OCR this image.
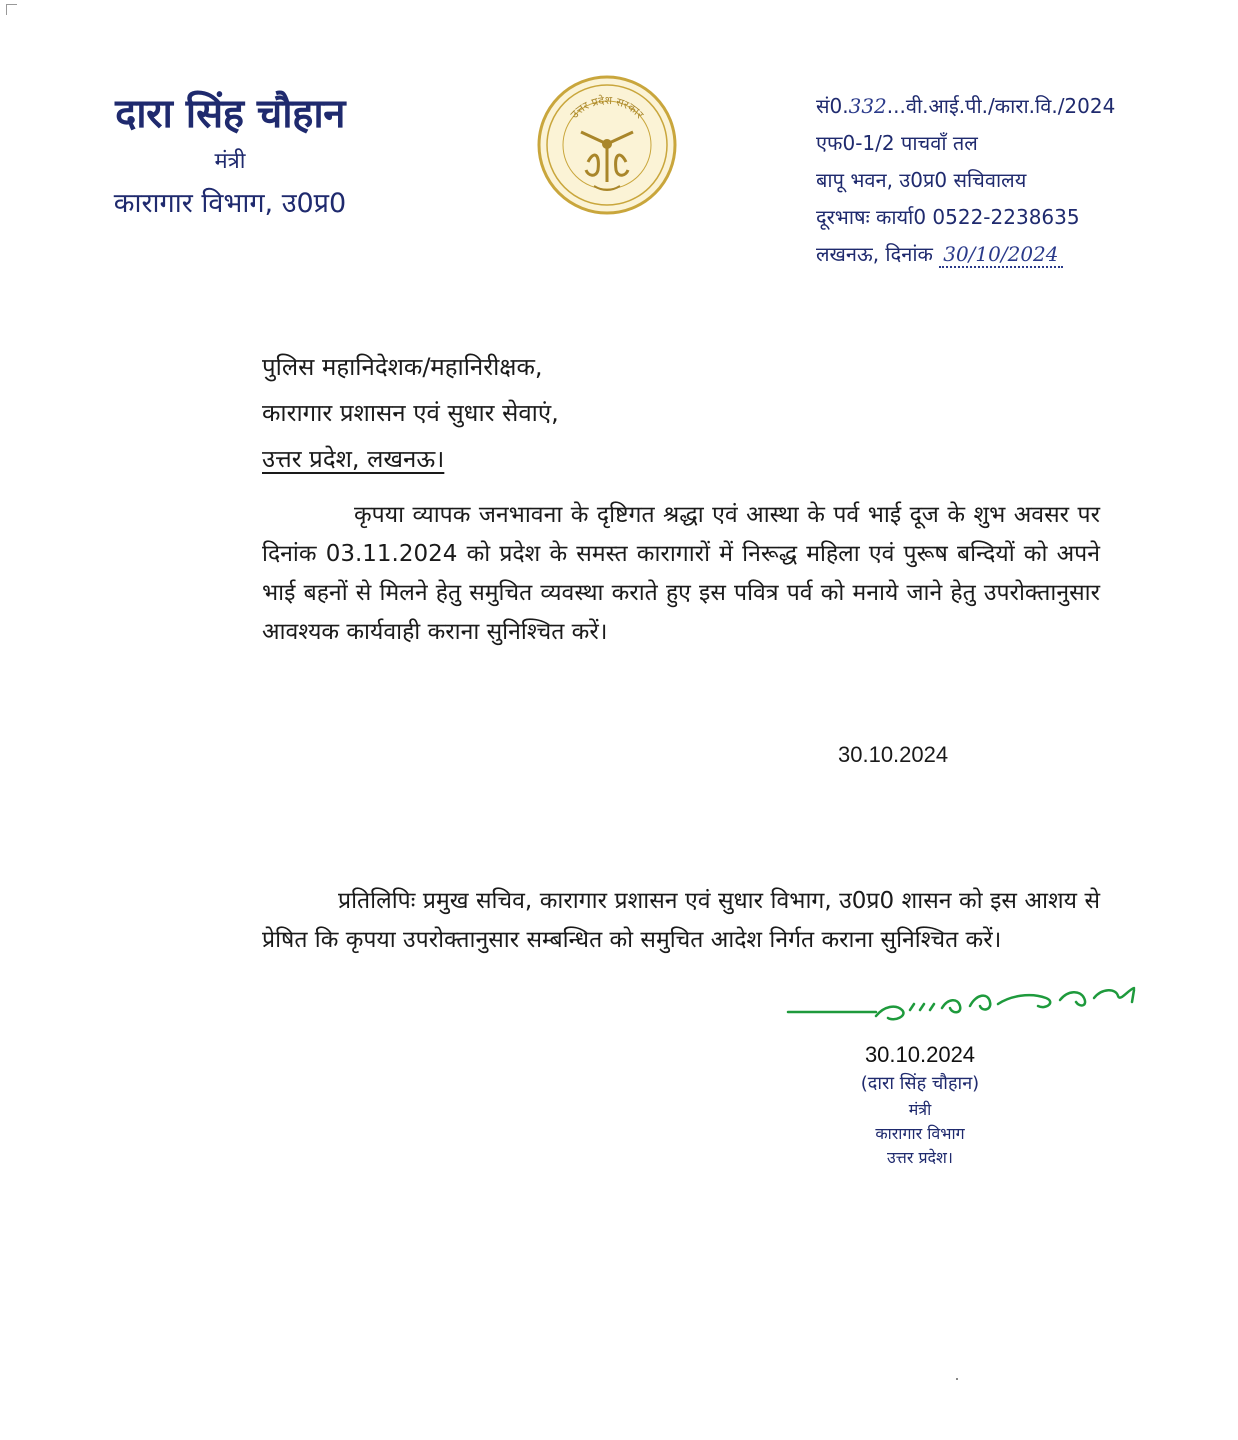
दारा सिंह चौहान
मंत्री
कारागार विभाग, उ0प्र0
उत्तर प्रदेश सरकार	सं0.332...वी.आई.पी./कारा.वि./2024
एफ0-1/2 पाचवाँ तल
बापू भवन, उ0प्र0 सचिवालय
दूरभाषः कार्या0 0522-2238635
लखनऊ, दिनांक 30/10/2024
पुलिस महानिदेशक/महानिरीक्षक,
कारागार प्रशासन एवं सुधार सेवाएं,
उत्तर प्रदेश, लखनऊ।
कृपया व्यापक जनभावना के दृष्टिगत श्रद्धा एवं आस्था के पर्व भाई दूज के शुभ अवसर पर दिनांक 03.11.2024 को प्रदेश के समस्त कारागारों में निरूद्ध महिला एवं पुरूष बन्दियों को अपने भाई बहनों से मिलने हेतु समुचित व्यवस्था कराते हुए इस पवित्र पर्व को मनाये जाने हेतु उपरोक्तानुसार आवश्यक कार्यवाही कराना सुनिश्चित करें।
30.10.2024
प्रतिलिपिः प्रमुख सचिव, कारागार प्रशासन एवं सुधार विभाग, उ0प्र0 शासन को इस आशय से प्रेषित कि कृपया उपरोक्तानुसार सम्बन्धित को समुचित आदेश निर्गत कराना सुनिश्चित करें।
30.10.2024
(दारा सिंह चौहान)
मंत्री
कारागार विभाग
उत्तर प्रदेश।
